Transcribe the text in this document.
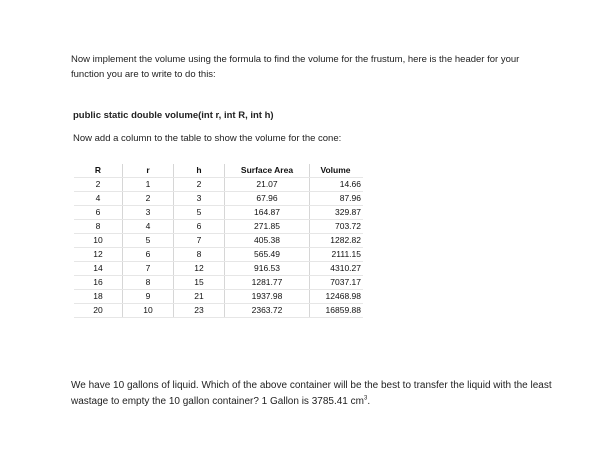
Now implement the volume using the formula to find the volume for the frustum, here is the header for your function you are to write to do this:

public static double volume(int r, int R, int h)

Now add a column to the table to show the volume for the cone:

R	r	h	Surface Area	Volume
2	1	2	21.07	14.66
4	2	3	67.96	87.96
6	3	5	164.87	329.87
8	4	6	271.85	703.72
10	5	7	405.38	1282.82
12	6	8	565.49	2111.15
14	7	12	916.53	4310.27
16	8	15	1281.77	7037.17
18	9	21	1937.98	12468.98
20	10	23	2363.72	16859.88

We have 10 gallons of liquid. Which of the above container will be the best to transfer the liquid with the least wastage to empty the 10 gallon container? 1 Gallon is 3785.41 $cm^3$.
